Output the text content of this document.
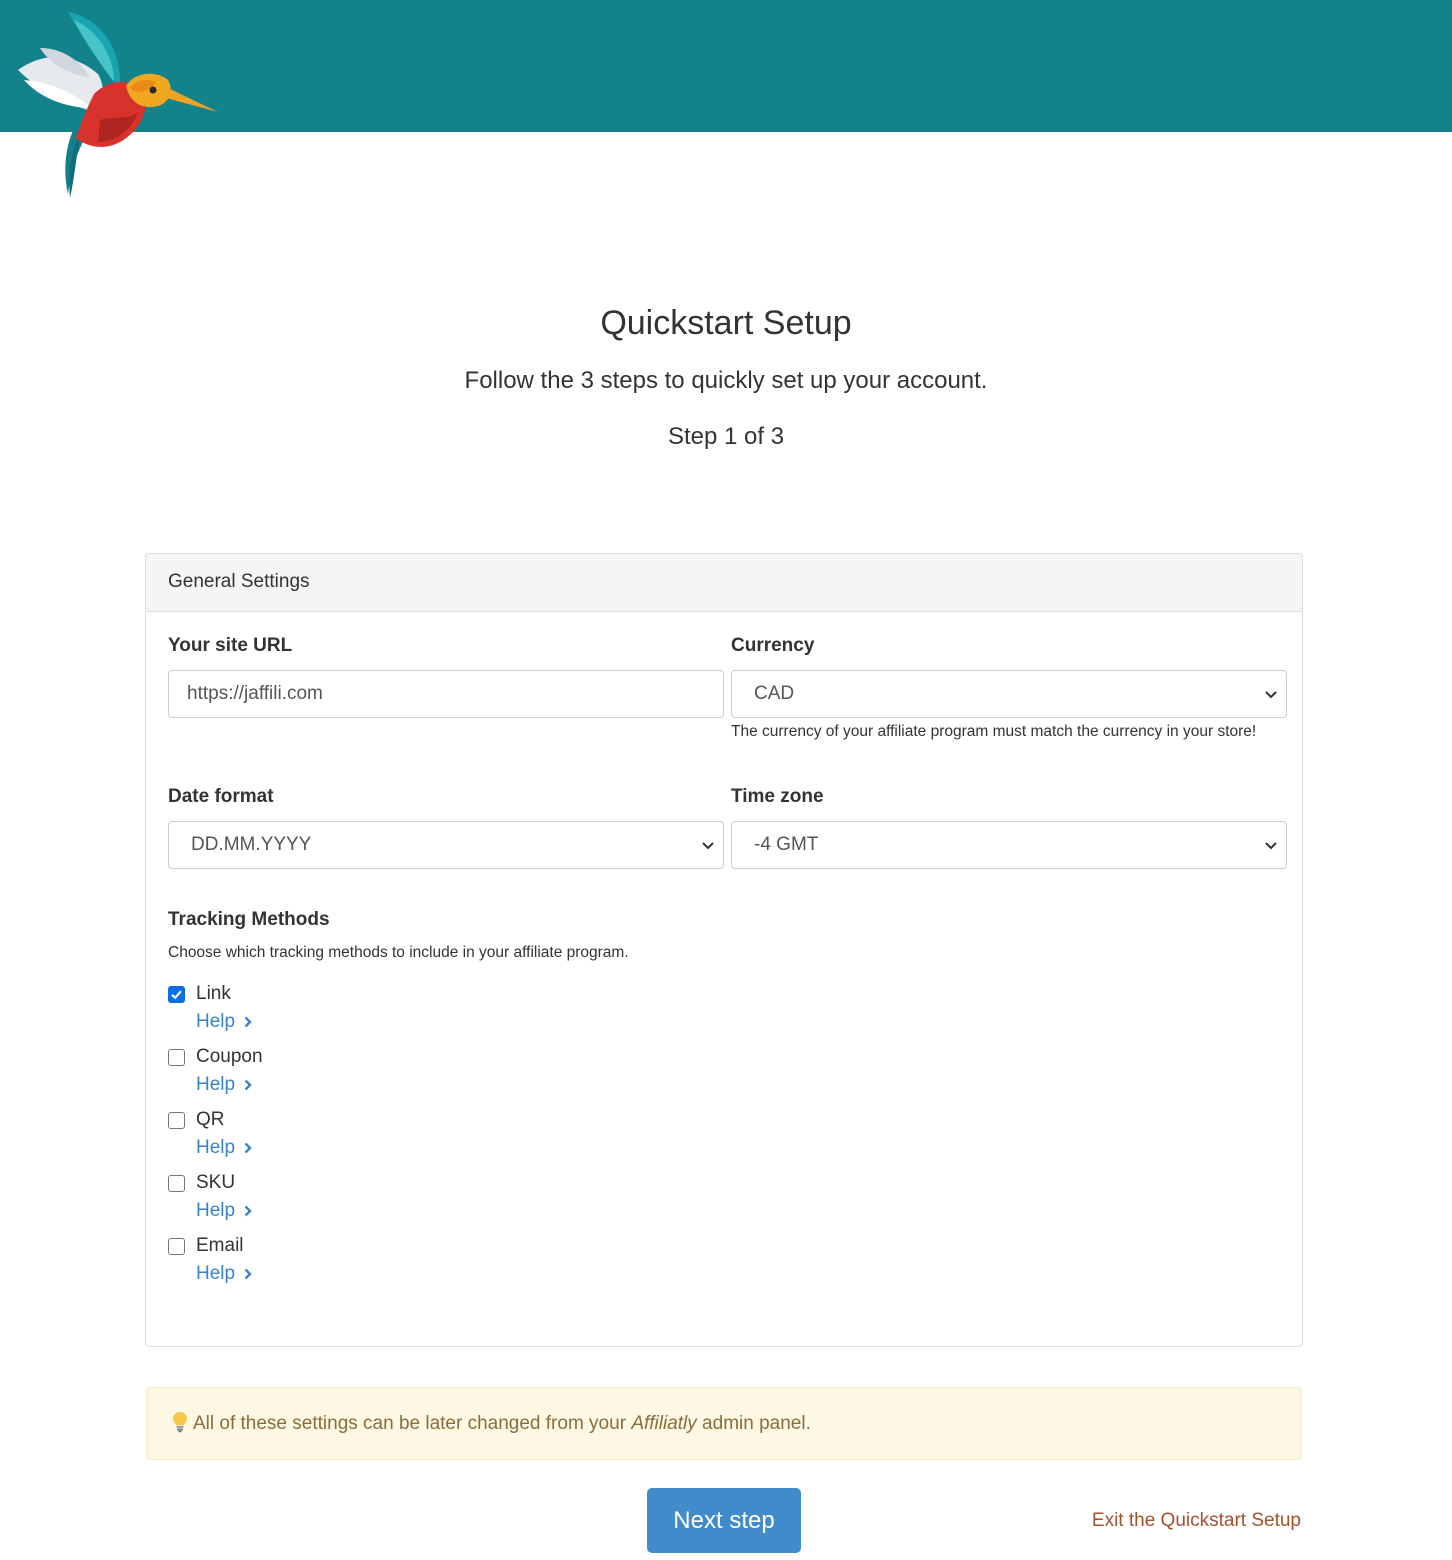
Quickstart Setup

Follow the 3 steps to quickly set up your account.

Step 1 of 3

General Settings
Your site URL
https://jaffili.com
Currency
CAD

The currency of your affiliate program must match the currency in your store!

Date format
DD.MM.YYYY
Time zone
-4 GMT
Tracking Methods

Choose which tracking methods to include in your affiliate program.

Link
Help
Coupon
Help
QR
Help
SKU
Help
Email
Help
All of these settings can be later changed from your Affiliatly admin panel.
Next step	Exit the Quickstart Setup
